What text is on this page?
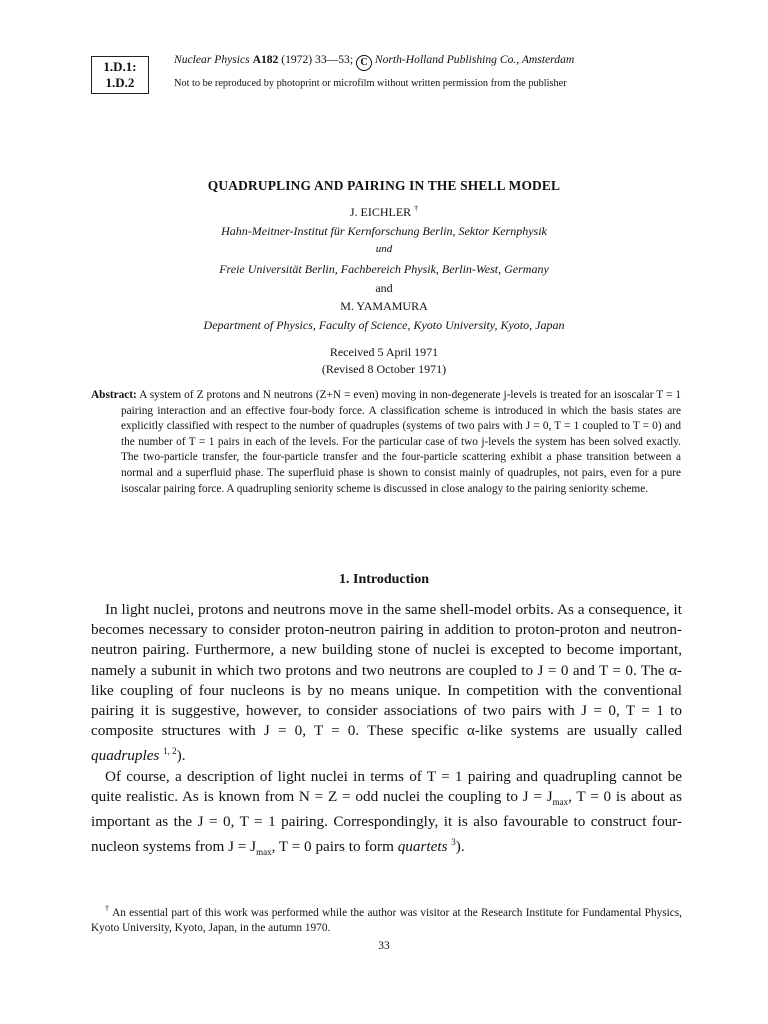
1.D.1:
1.D.2
Nuclear Physics A182 (1972) 33—53; C North-Holland Publishing Co., Amsterdam
Not to be reproduced by photoprint or microfilm without written permission from the publisher
QUADRUPLING AND PAIRING IN THE SHELL MODEL
J. EICHLER †
Hahn-Meitner-Institut für Kernforschung Berlin, Sektor Kernphysik
und
Freie Universität Berlin, Fachbereich Physik, Berlin-West, Germany
and
M. YAMAMURA
Department of Physics, Faculty of Science, Kyoto University, Kyoto, Japan
Received 5 April 1971
(Revised 8 October 1971)

Abstract: A system of Z protons and N neutrons (Z+N = even) moving in non-degenerate j-levels is treated for an isoscalar T = 1 pairing interaction and an effective four-body force. A classification scheme is introduced in which the basis states are explicitly classified with respect to the number of quadruples (systems of two pairs with J = 0, T = 1 coupled to T = 0) and the number of T = 1 pairs in each of the levels. For the particular case of two j-levels the system has been solved exactly. The two-particle transfer, the four-particle transfer and the four-particle scattering exhibit a phase transition between a normal and a superfluid phase. The superfluid phase is shown to consist mainly of quadruples, not pairs, even for a pure isoscalar pairing force. A quadrupling seniority scheme is discussed in close analogy to the pairing seniority scheme.

1. Introduction

In light nuclei, protons and neutrons move in the same shell-model orbits. As a consequence, it becomes necessary to consider proton-neutron pairing in addition to proton-proton and neutron-neutron pairing. Furthermore, a new building stone of nuclei is excepted to become important, namely a subunit in which two protons and two neutrons are coupled to J = 0 and T = 0. The α-like coupling of four nucleons is by no means unique. In competition with the conventional pairing it is suggestive, however, to consider associations of two pairs with J = 0, T = 1 to composite structures with J = 0, T = 0. These specific α-like systems are usually called quadruples $^{1, 2}$).

Of course, a description of light nuclei in terms of T = 1 pairing and quadrupling cannot be quite realistic. As is known from N = Z = odd nuclei the coupling to $J = J_{max}$, T = 0 is about as important as the J = 0, T = 1 pairing. Correspondingly, it is also favourable to construct four-nucleon systems from $J = J_{max}$, T = 0 pairs to form quartets $^3$).

† An essential part of this work was performed while the author was visitor at the Research Institute for Fundamental Physics, Kyoto University, Kyoto, Japan, in the autumn 1970.
33
